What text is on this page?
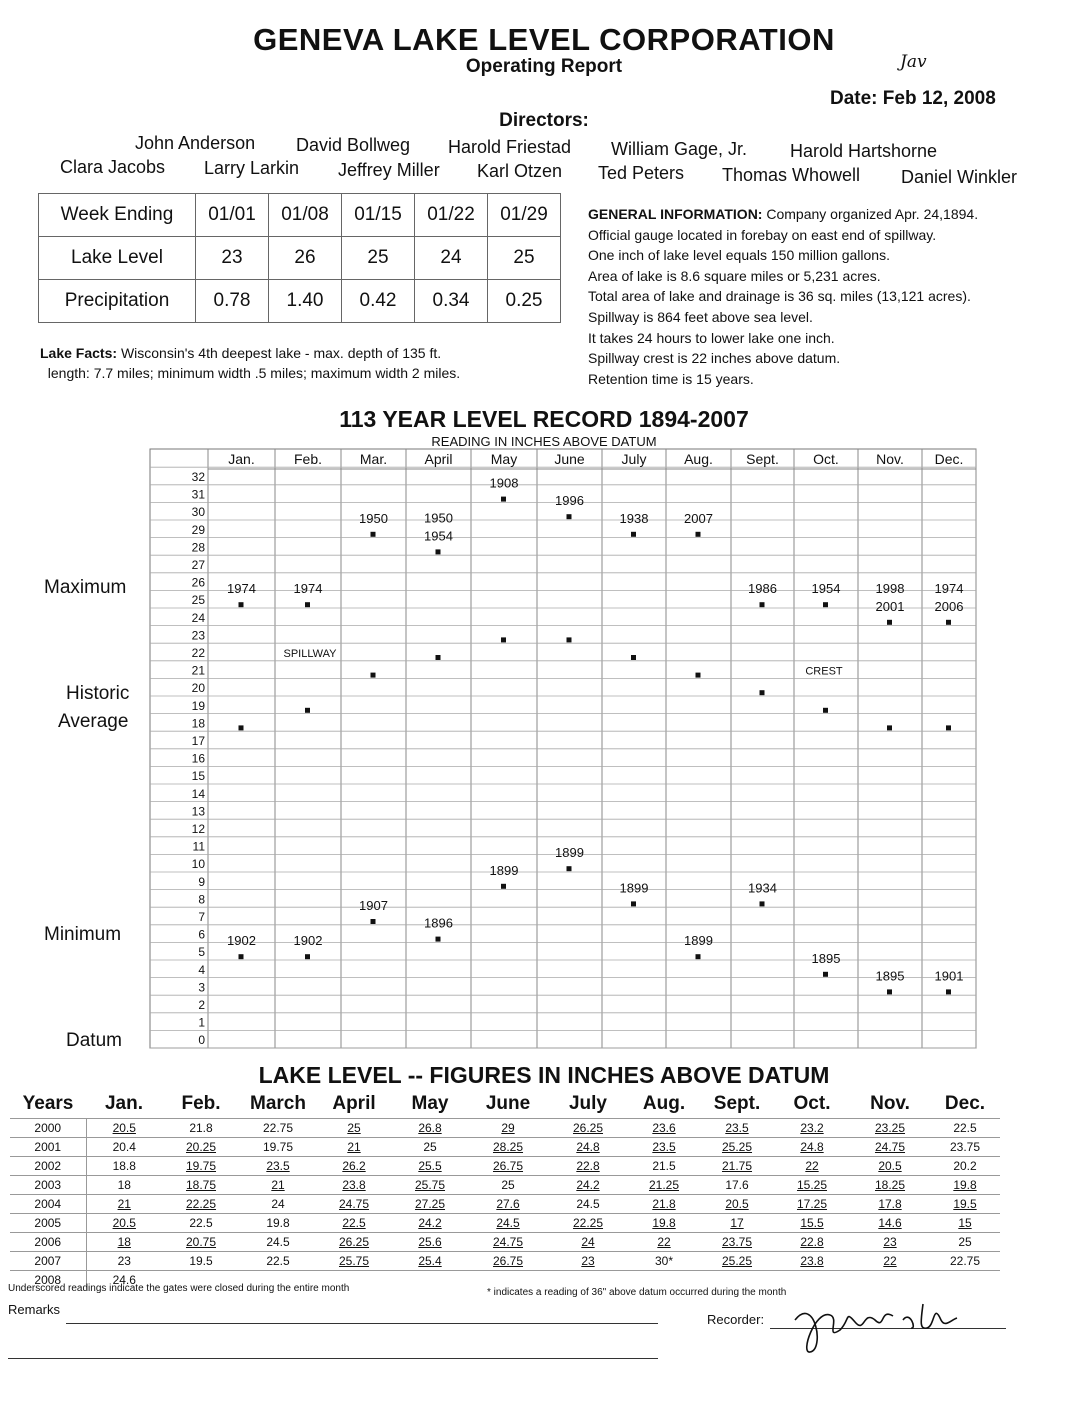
GENEVA LAKE LEVEL CORPORATION
Operating Report	Jav
Date: Feb 12, 2008
Directors:
John Anderson David Bollweg Harold Friestad William Gage, Jr. Harold Hartshorne
Clara Jacobs Larry Larkin Jeffrey Miller Karl Otzen Ted Peters Thomas Whowell Daniel Winkler
Week Ending	01/01	01/08	01/15	01/22	01/29
Lake Level	23	26	25	24	25
Precipitation	0.78	1.40	0.42	0.34	0.25
Lake Facts: Wisconsin's 4th deepest lake - max. depth of 135 ft.
length: 7.7 miles; minimum width .5 miles; maximum width 2 miles.
GENERAL INFORMATION: Company organized Apr. 24,1894.
Official gauge located in forebay on east end of spillway.
One inch of lake level equals 150 million gallons.
Area of lake is 8.6 square miles or 5,231 acres.
Total area of lake and drainage is 36 sq. miles (13,121 acres).
Spillway is 864 feet above sea level.
It takes 24 hours to lower lake one inch.
Spillway crest is 22 inches above datum.
Retention time is 15 years.
113 YEAR LEVEL RECORD 1894-2007
READING IN INCHES ABOVE DATUM
Maximum
Historic
Average
Minimum
Datum	0
1
2
3
4
5
6
7
8
9
10
11
12
13
14
15
16
17
18
19
20
21
22
23
24
25
26
27
28
29
30
31
32
Jan.	Feb.	Mar.	April	May	June	July	Aug. Sept. Oct.	Nov. Dec.
1974	1974
1950	1950
1954
1908
1996
1938	2007
1986	1954	1998
2001
1974
2006
1902	1902
1907
1896
1899
1899
1899
1899
1934
1895
1895 1901
SPILLWAY
CREST
LAKE LEVEL -- FIGURES IN INCHES ABOVE DATUM
Years	Jan.	Feb.	March	April	May	June	July	Aug.	Sept.	Oct.	Nov.	Dec.
2000	20.5	21.8	22.75	25	26.8	29	26.25	23.6	23.5	23.2	23.25	22.5
2001	20.4	20.25	19.75	21	25	28.25	24.8	23.5	25.25	24.8	24.75	23.75
2002	18.8	19.75	23.5	26.2	25.5	26.75	22.8	21.5	21.75	22	20.5	20.2
2003	18	18.75	21	23.8	25.75	25	24.2	21.25	17.6	15.25	18.25	19.8
2004	21	22.25	24	24.75	27.25	27.6	24.5	21.8	20.5	17.25	17.8	19.5
2005	20.5	22.5	19.8	22.5	24.2	24.5	22.25	19.8	17	15.5	14.6	15
2006	18	20.75	24.5	26.25	25.6	24.75	24	22	23.75	22.8	23	25
2007	23	19.5	22.5	25.75	25.4	26.75	23	30*	25.25	23.8	22	22.75
2008	24.6											
Underscored readings indicate the gates were closed during the entire month	* indicates a reading of 36" above datum occurred during the month
Remarks
Recorder:
